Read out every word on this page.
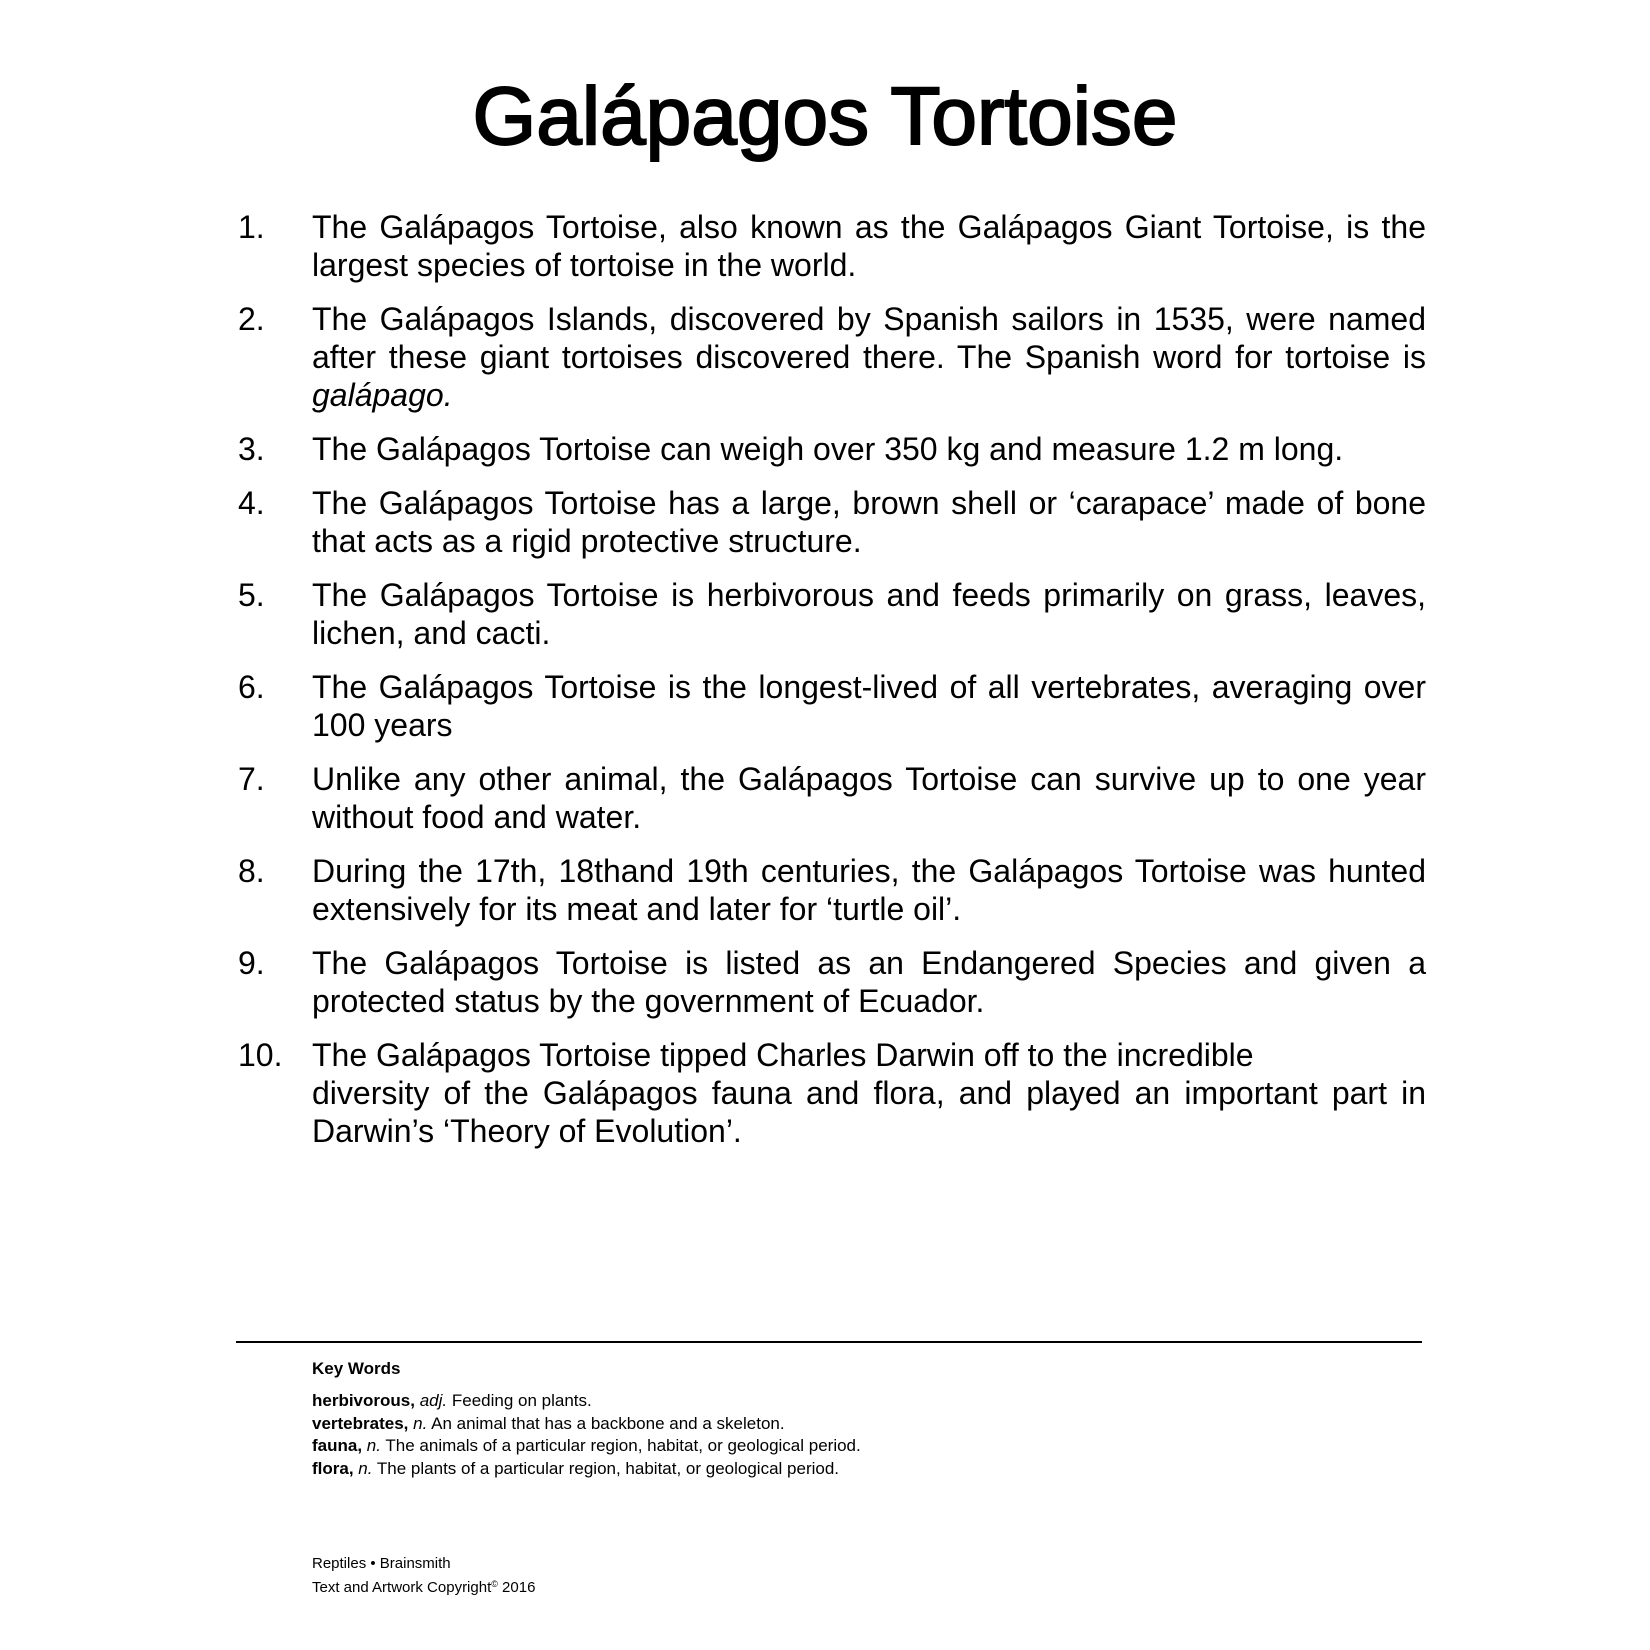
Galápagos Tortoise
1. The Galápagos Tortoise, also known as the Galápagos Giant Tortoise, is the largest species of tortoise in the world.
2. The Galápagos Islands, discovered by Spanish sailors in 1535, were named after these giant tortoises discovered there. The Spanish word for tortoise is galápago.
3. The Galápagos Tortoise can weigh over 350 kg and measure 1.2 m long.
4. The Galápagos Tortoise has a large, brown shell or ‘carapace’ made of bone that acts as a rigid protective structure.
5. The Galápagos Tortoise is herbivorous and feeds primarily on grass, leaves, lichen, and cacti.
6. The Galápagos Tortoise is the longest-lived of all vertebrates, averaging over 100 years
7. Unlike any other animal, the Galápagos Tortoise can survive up to one year without food and water.
8. During the 17th, 18thand 19th centuries, the Galápagos Tortoise was hunted extensively for its meat and later for ‘turtle oil’.
9. The Galápagos Tortoise is listed as an Endangered Species and given a protected status by the government of Ecuador.
10. The Galápagos Tortoise tipped Charles Darwin off to the incredible
diversity of the Galápagos fauna and flora, and played an important part in Darwin’s ‘Theory of Evolution’.
Key Words
herbivorous, adj. Feeding on plants.
vertebrates, n. An animal that has a backbone and a skeleton.
fauna, n. The animals of a particular region, habitat, or geological period.
flora, n. The plants of a particular region, habitat, or geological period.
Reptiles • Brainsmith
Text and Artwork Copyright© 2016
